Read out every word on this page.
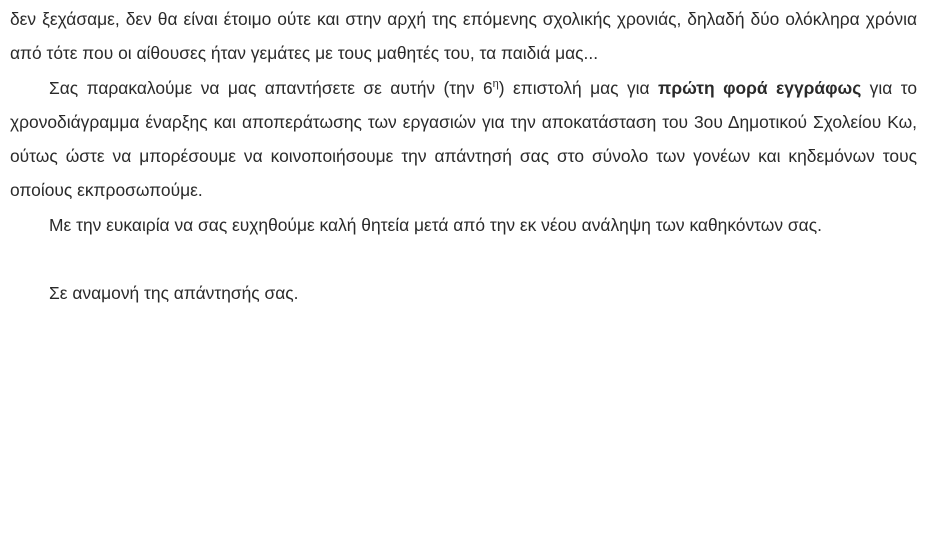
δεν ξεχάσαμε, δεν θα είναι έτοιμο ούτε και στην αρχή της επόμενης σχολικής χρονιάς, δηλαδή δύο ολόκληρα χρόνια από τότε που οι αίθουσες ήταν γεμάτες με τους μαθητές του, τα παιδιά μας...

Σας παρακαλούμε να μας απαντήσετε σε αυτήν (την $6^\eta$) επιστολή μας για πρώτη φορά εγγράφως για το χρονοδιάγραμμα έναρξης και αποπεράτωσης των εργασιών για την αποκατάσταση του 3ου Δημοτικού Σχολείου Κω, ούτως ώστε να μπορέσουμε να κοινοποιήσουμε την απάντησή σας στο σύνολο των γονέων και κηδεμόνων τους οποίους εκπροσωπούμε.

Με την ευκαιρία να σας ευχηθούμε καλή θητεία μετά από την εκ νέου ανάληψη των καθηκόντων σας.

Σε αναμονή της απάντησής σας.
